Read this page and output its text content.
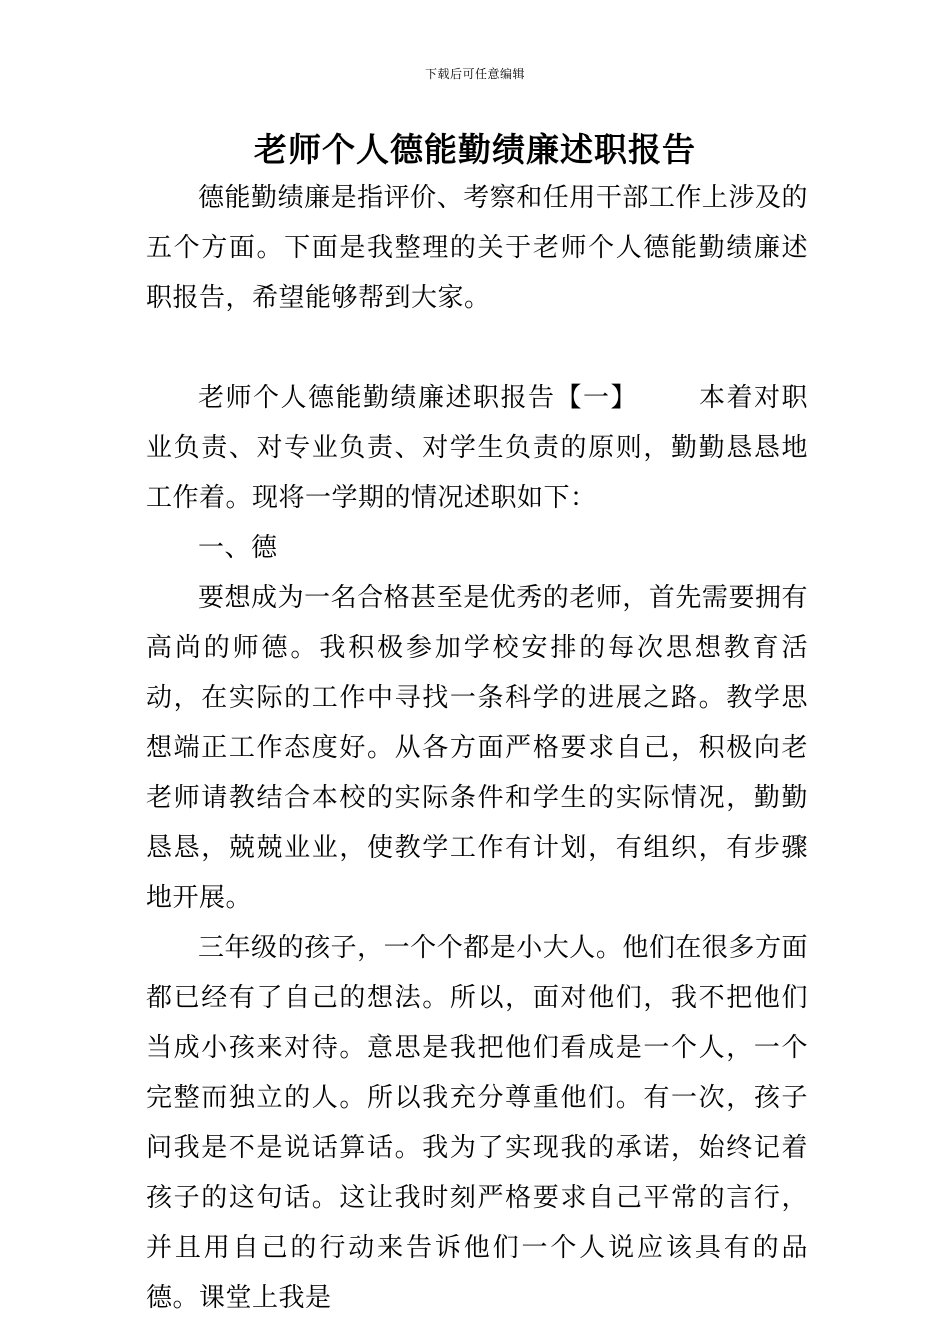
下载后可任意编辑
老师个人德能勤绩廉述职报告

德能勤绩廉是指评价、考察和任用干部工作上涉及的五个方面。下面是我整理的关于老师个人德能勤绩廉述职报告，希望能够帮到大家。

老师个人德能勤绩廉述职报告【一】 本着对职业负责、对专业负责、对学生负责的原则，勤勤恳恳地工作着。现将一学期的情况述职如下：

一、德

要想成为一名合格甚至是优秀的老师，首先需要拥有高尚的师德。我积极参加学校安排的每次思想教育活动，在实际的工作中寻找一条科学的进展之路。教学思想端正工作态度好。从各方面严格要求自己，积极向老老师请教结合本校的实际条件和学生的实际情况，勤勤恳恳，兢兢业业，使教学工作有计划，有组织，有步骤地开展。

三年级的孩子，一个个都是小大人。他们在很多方面都已经有了自己的想法。所以，面对他们，我不把他们当成小孩来对待。意思是我把他们看成是一个人，一个完整而独立的人。所以我充分尊重他们。有一次，孩子问我是不是说话算话。我为了实现我的承诺，始终记着孩子的这句话。这让我时刻严格要求自己平常的言行，并且用自己的行动来告诉他们一个人说应该具有的品德。课堂上我是
